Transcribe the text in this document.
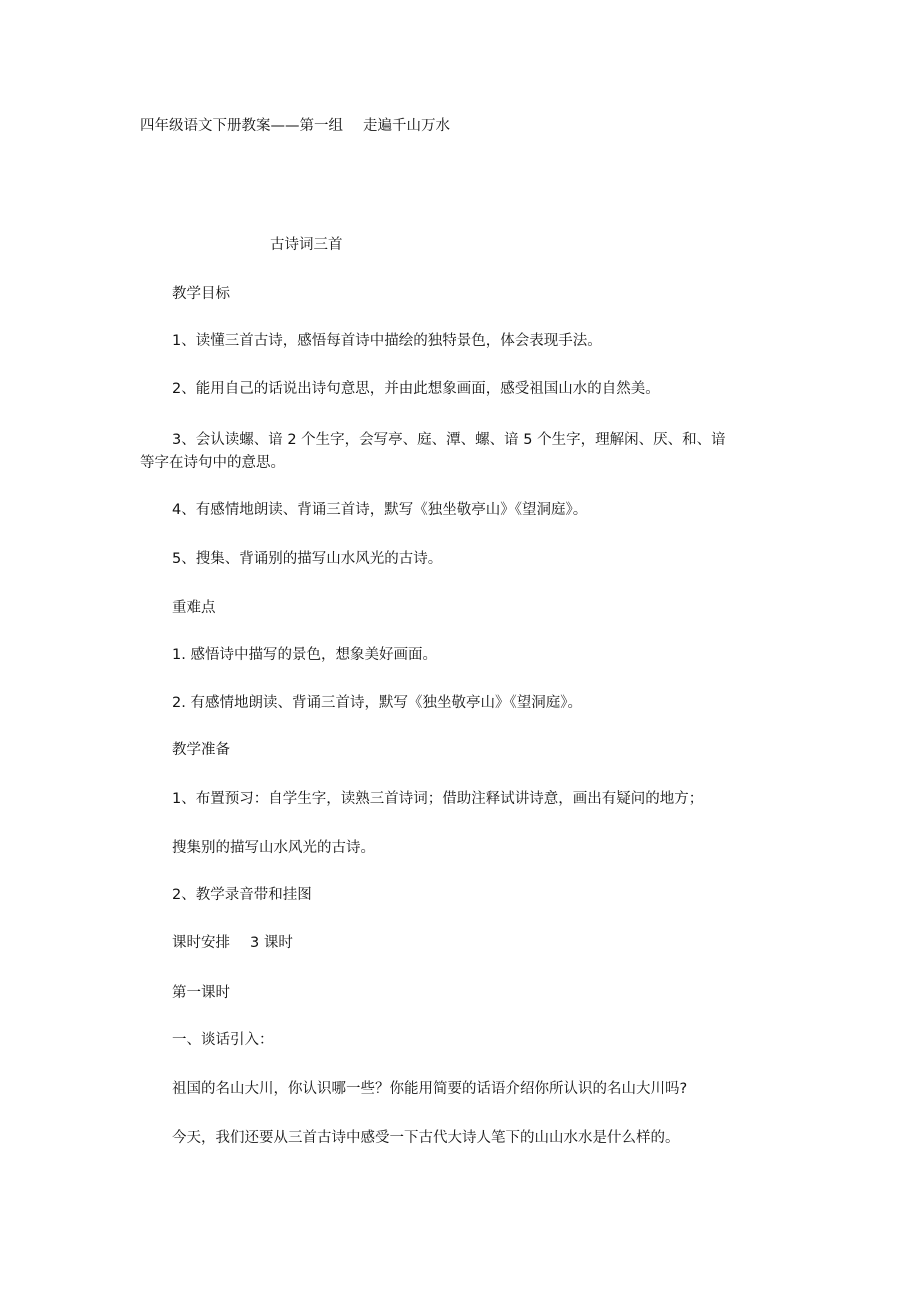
四年级语文下册教案——第一组 走遍千山万水
古诗词三首
教学目标
1、读懂三首古诗，感悟每首诗中描绘的独特景色，体会表现手法。
2、能用自己的话说出诗句意思，并由此想象画面，感受祖国山水的自然美。
3、会认读螺、谙 2 个生字，会写亭、庭、潭、螺、谙 5 个生字，理解闲、厌、和、谙
等字在诗句中的意思。
4、有感情地朗读、背诵三首诗，默写《独坐敬亭山》《望洞庭》。
5、搜集、背诵别的描写山水风光的古诗。
重难点
1. 感悟诗中描写的景色，想象美好画面。
2. 有感情地朗读、背诵三首诗，默写《独坐敬亭山》《望洞庭》。
教学准备
1、布置预习：自学生字，读熟三首诗词；借助注释试讲诗意，画出有疑问的地方；
搜集别的描写山水风光的古诗。
2、教学录音带和挂图
课时安排 3 课时
第一课时
一、谈话引入：
祖国的名山大川，你认识哪一些？你能用简要的话语介绍你所认识的名山大川吗?
今天，我们还要从三首古诗中感受一下古代大诗人笔下的山山水水是什么样的。
